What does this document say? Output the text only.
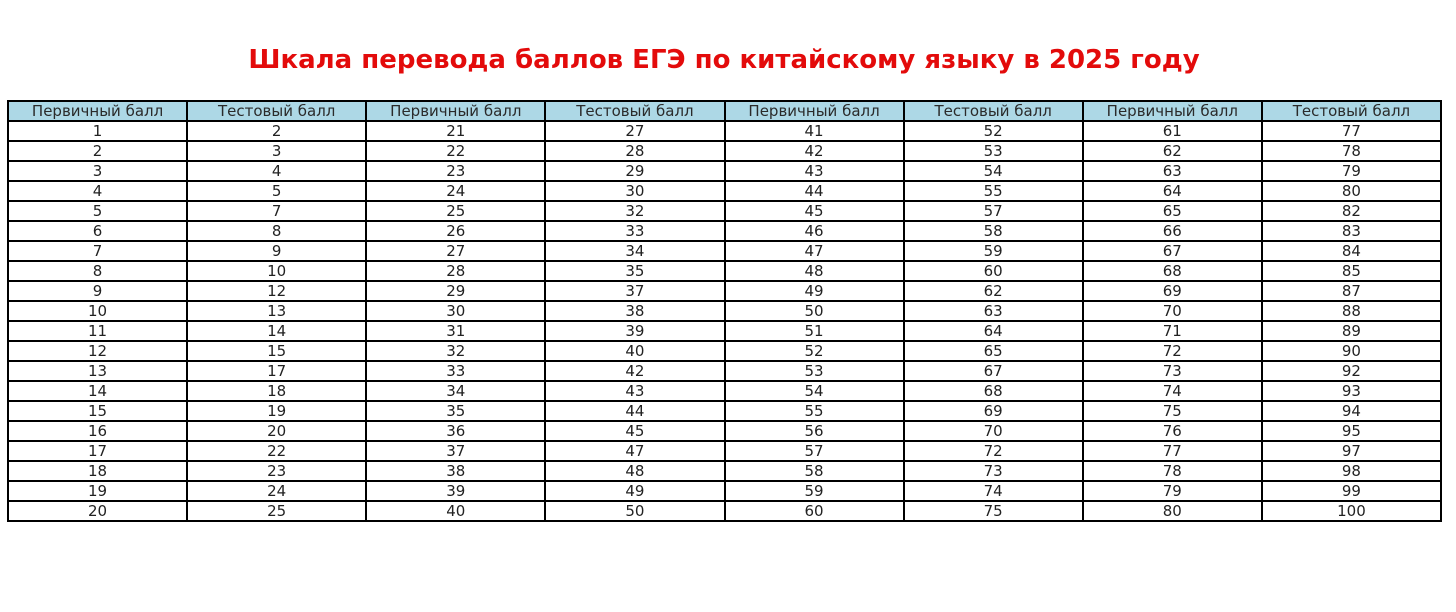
Шкала перевода баллов ЕГЭ по китайскому языку в 2025 году
Первичный балл	Тестовый балл	Первичный балл	Тестовый балл	Первичный балл	Тестовый балл	Первичный балл	Тестовый балл
1	2	21	27	41	52	61	77
2	3	22	28	42	53	62	78
3	4	23	29	43	54	63	79
4	5	24	30	44	55	64	80
5	7	25	32	45	57	65	82
6	8	26	33	46	58	66	83
7	9	27	34	47	59	67	84
8	10	28	35	48	60	68	85
9	12	29	37	49	62	69	87
10	13	30	38	50	63	70	88
11	14	31	39	51	64	71	89
12	15	32	40	52	65	72	90
13	17	33	42	53	67	73	92
14	18	34	43	54	68	74	93
15	19	35	44	55	69	75	94
16	20	36	45	56	70	76	95
17	22	37	47	57	72	77	97
18	23	38	48	58	73	78	98
19	24	39	49	59	74	79	99
20	25	40	50	60	75	80	100
